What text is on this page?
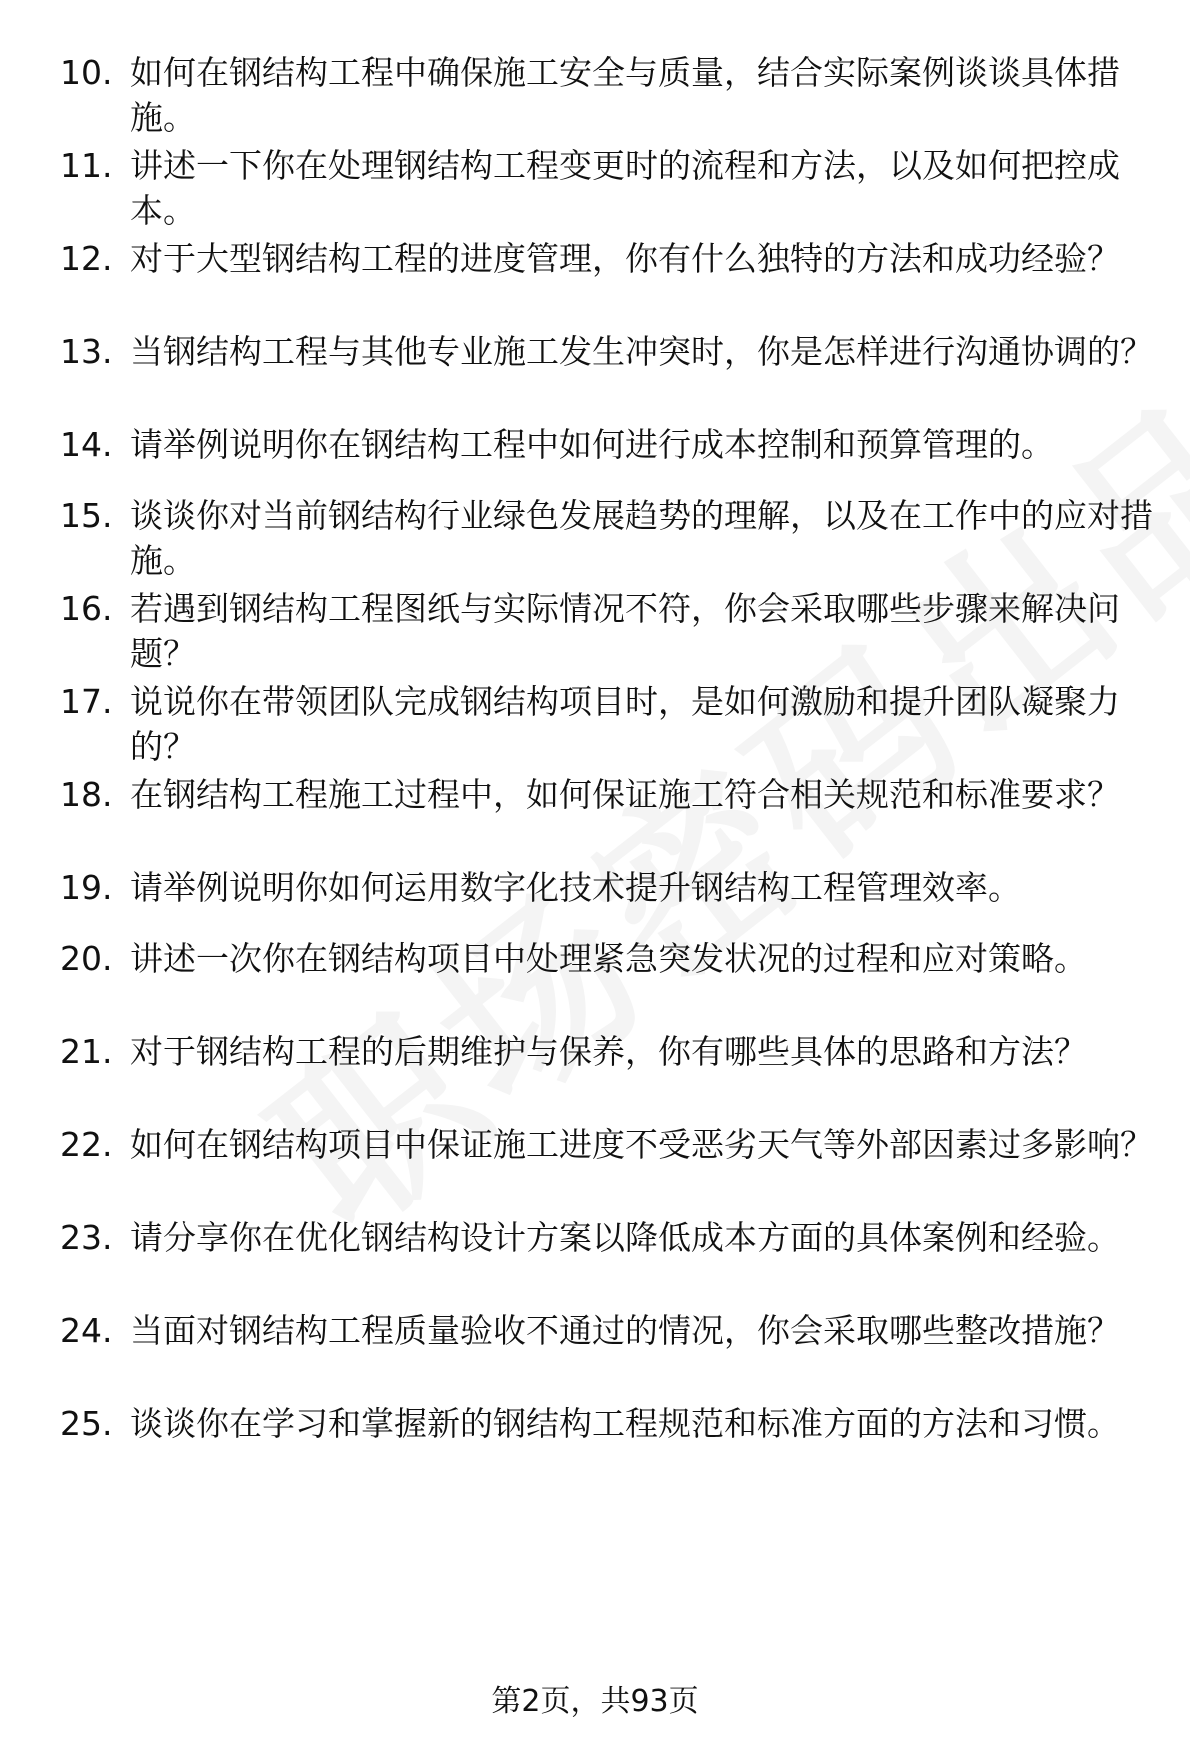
10. 如何在钢结构工程中确保施工安全与质量，结合实际案例谈谈具体措施。
11. 讲述一下你在处理钢结构工程变更时的流程和方法，以及如何把控成本。
12. 对于大型钢结构工程的进度管理，你有什么独特的方法和成功经验？
13. 当钢结构工程与其他专业施工发生冲突时，你是怎样进行沟通协调的？
14. 请举例说明你在钢结构工程中如何进行成本控制和预算管理的。
15. 谈谈你对当前钢结构行业绿色发展趋势的理解，以及在工作中的应对措施。
16. 若遇到钢结构工程图纸与实际情况不符，你会采取哪些步骤来解决问题？
17. 说说你在带领团队完成钢结构项目时，是如何激励和提升团队凝聚力的？
18. 在钢结构工程施工过程中，如何保证施工符合相关规范和标准要求？
19. 请举例说明你如何运用数字化技术提升钢结构工程管理效率。
20. 讲述一次你在钢结构项目中处理紧急突发状况的过程和应对策略。
21. 对于钢结构工程的后期维护与保养，你有哪些具体的思路和方法？
22. 如何在钢结构项目中保证施工进度不受恶劣天气等外部因素过多影响？
23. 请分享你在优化钢结构设计方案以降低成本方面的具体案例和经验。
24. 当面对钢结构工程质量验收不通过的情况，你会采取哪些整改措施？
25. 谈谈你在学习和掌握新的钢结构工程规范和标准方面的方法和习惯。
第2页，共93页
